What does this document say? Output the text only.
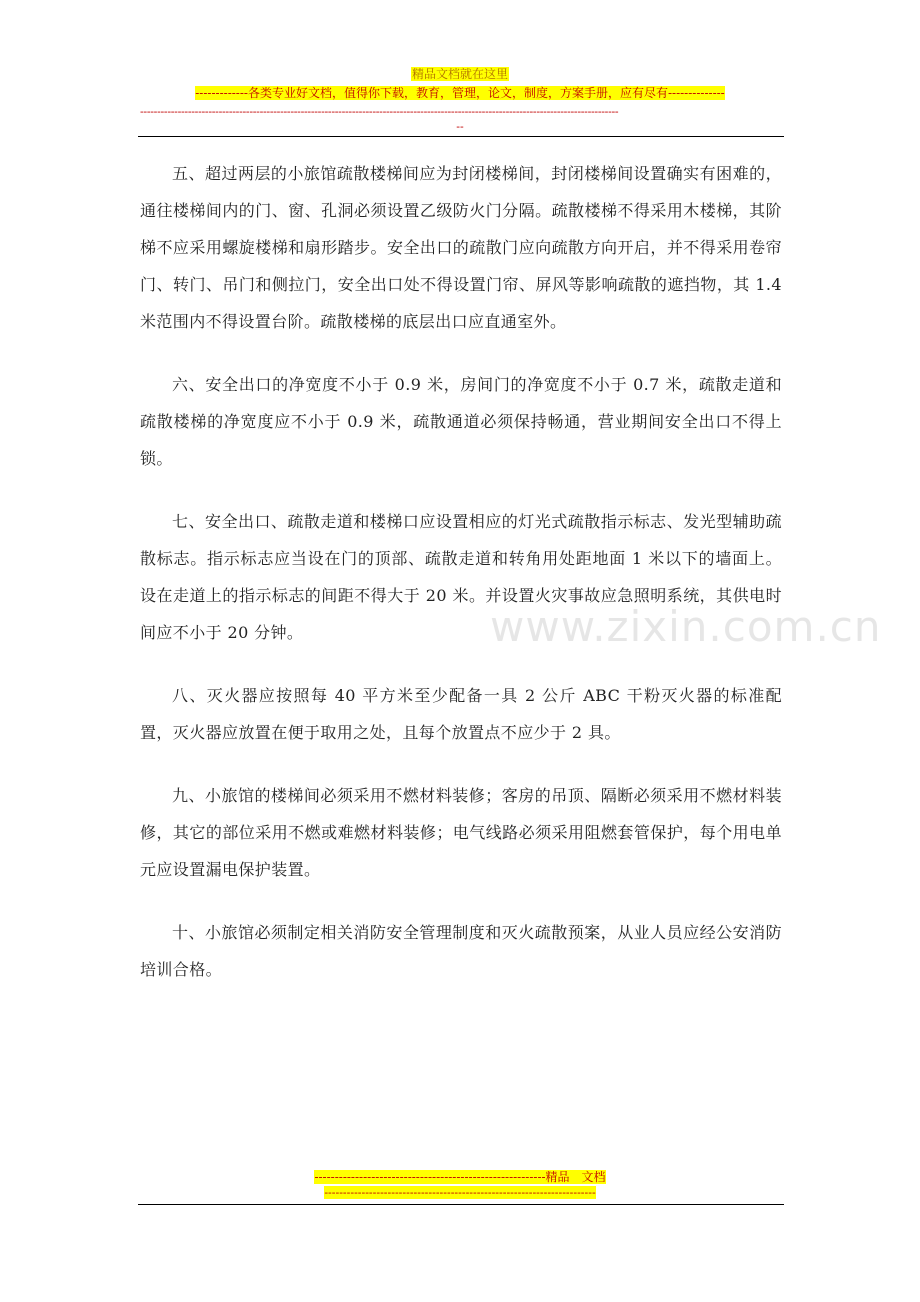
精品文档就在这里
-------------各类专业好文档，值得你下载，教育，管理，论文，制度，方案手册，应有尽有--------------
--------------------------------------------------------------------------------------------------------------------------------------------
--
www.zixin.com.cn

五、超过两层的小旅馆疏散楼梯间应为封闭楼梯间，封闭楼梯间设置确实有困难的，通往楼梯间内的门、窗、孔洞必须设置乙级防火门分隔。疏散楼梯不得采用木楼梯，其阶梯不应采用螺旋楼梯和扇形踏步。安全出口的疏散门应向疏散方向开启，并不得采用卷帘门、转门、吊门和侧拉门，安全出口处不得设置门帘、屏风等影响疏散的遮挡物，其 1.4 米范围内不得设置台阶。疏散楼梯的底层出口应直通室外。

六、安全出口的净宽度不小于 0.9 米，房间门的净宽度不小于 0.7 米，疏散走道和疏散楼梯的净宽度应不小于 0.9 米，疏散通道必须保持畅通，营业期间安全出口不得上锁。

七、安全出口、疏散走道和楼梯口应设置相应的灯光式疏散指示标志、发光型辅助疏散标志。指示标志应当设在门的顶部、疏散走道和转角用处距地面 1 米以下的墙面上。设在走道上的指示标志的间距不得大于 20 米。并设置火灾事故应急照明系统，其供电时间应不小于 20 分钟。

八、灭火器应按照每 40 平方米至少配备一具 2 公斤 ABC 干粉灭火器的标准配置，灭火器应放置在便于取用之处，且每个放置点不应少于 2 具。

九、小旅馆的楼梯间必须采用不燃材料装修；客房的吊顶、隔断必须采用不燃材料装修，其它的部位采用不燃或难燃材料装修；电气线路必须采用阻燃套管保护，每个用电单元应设置漏电保护装置。

十、小旅馆必须制定相关消防安全管理制度和灭火疏散预案，从业人员应经公安消防培训合格。

---------------------------------------------------------精品　文档
-------------------------------------------------------------------------
